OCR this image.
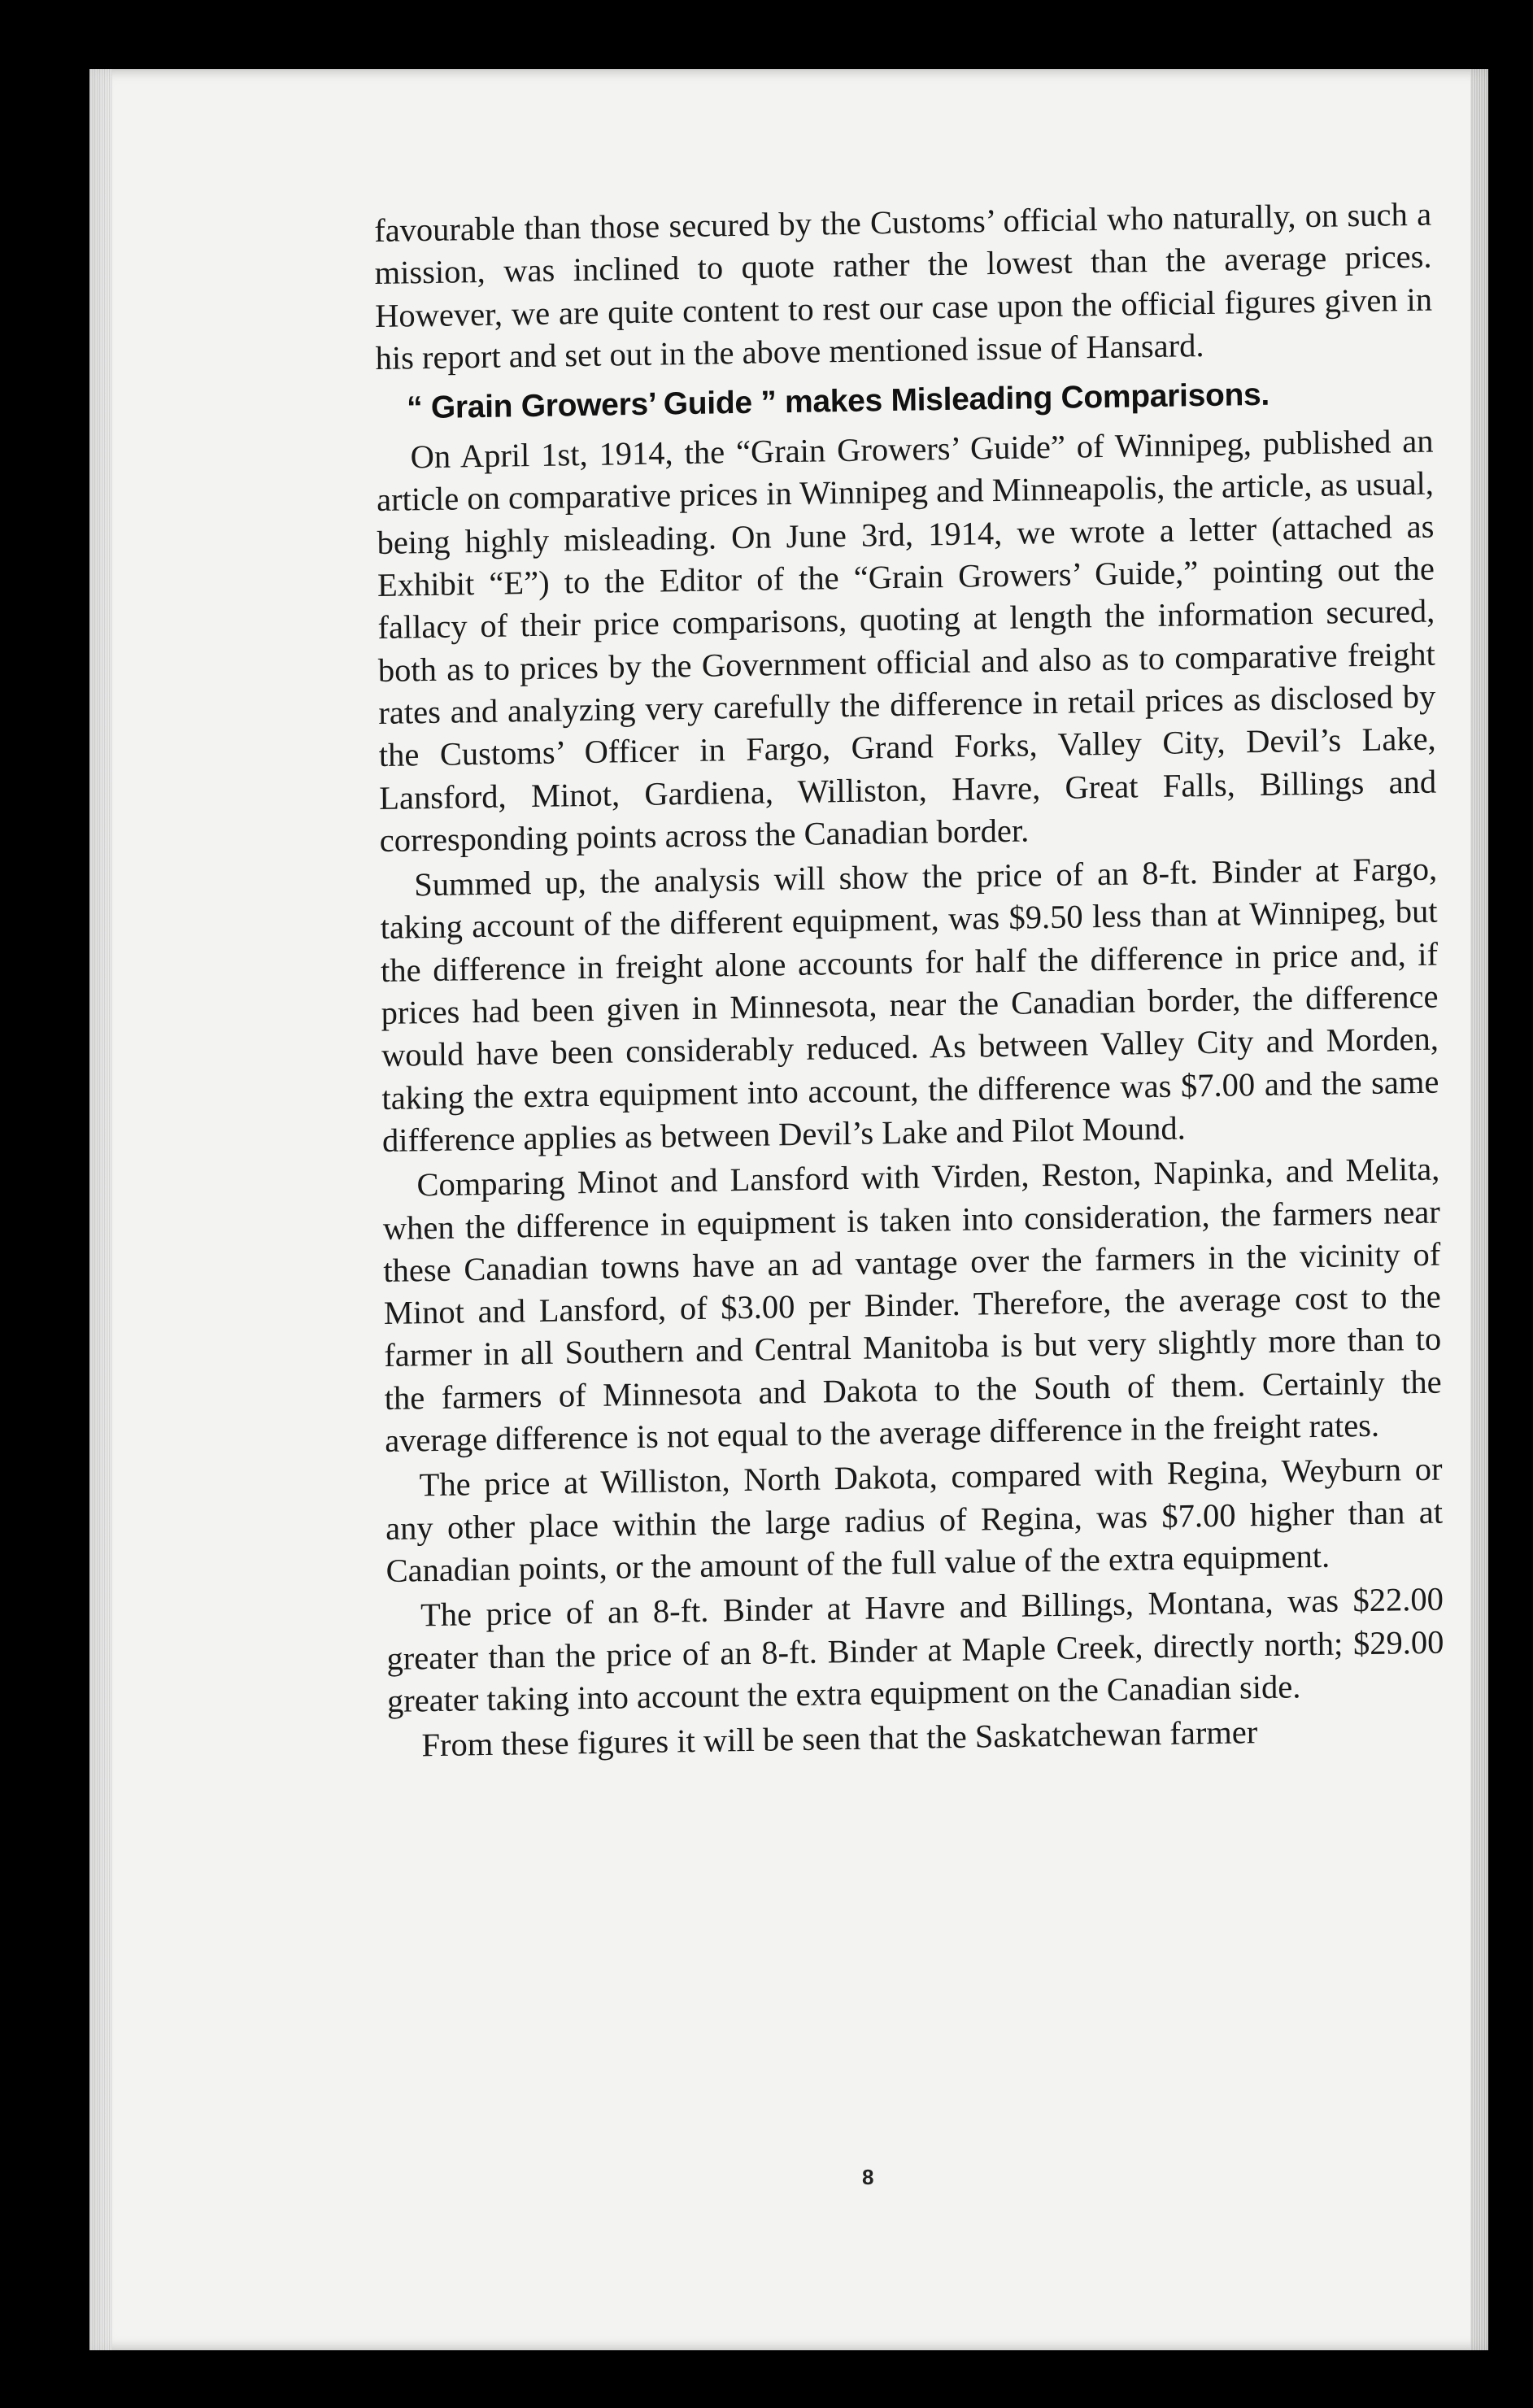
favourable than those secured by the Customs’ official who naturally, on such a mission, was inclined to quote rather the lowest than the average prices. However, we are quite content to rest our case upon the official figures given in his report and set out in the above mentioned issue of Hansard.

“ Grain Growers’ Guide ” makes Misleading Comparisons.

On April 1st, 1914, the “Grain Growers’ Guide” of Winnipeg, published an article on comparative prices in Winnipeg and Minneapolis, the article, as usual, being highly misleading. On June 3rd, 1914, we wrote a letter (attached as Exhibit “E”) to the Editor of the “Grain Growers’ Guide,” pointing out the fallacy of their price comparisons, quoting at length the information secured, both as to prices by the Government official and also as to comparative freight rates and analyzing very carefully the difference in retail prices as disclosed by the Customs’ Officer in Fargo, Grand Forks, Valley City, Devil’s Lake, Lansford, Minot, Gardiena, Williston, Havre, Great Falls, Billings and corresponding points across the Canadian border.

Summed up, the analysis will show the price of an 8-ft. Binder at Fargo, taking account of the different equipment, was $9.50 less than at Winnipeg, but the difference in freight alone accounts for half the difference in price and, if prices had been given in Minnesota, near the Canadian border, the difference would have been considerably reduced. As between Valley City and Morden, taking the extra equipment into account, the difference was $7.00 and the same difference applies as between Devil’s Lake and Pilot Mound.

Comparing Minot and Lansford with Virden, Reston, Napinka, and Melita, when the difference in equipment is taken into consideration, the farmers near these Canadian towns have an ad vantage over the farmers in the vicinity of Minot and Lansford, of $3.00 per Binder. Therefore, the average cost to the farmer in all Southern and Central Manitoba is but very slightly more than to the farmers of Minnesota and Dakota to the South of them. Certainly the average difference is not equal to the average difference in the freight rates.

The price at Williston, North Dakota, compared with Regina, Weyburn or any other place within the large radius of Regina, was $7.00 higher than at Canadian points, or the amount of the full value of the extra equipment.

The price of an 8-ft. Binder at Havre and Billings, Montana, was $22.00 greater than the price of an 8-ft. Binder at Maple Creek, directly north; $29.00 greater taking into account the extra equipment on the Canadian side.

From these figures it will be seen that the Saskatchewan farmer

8
